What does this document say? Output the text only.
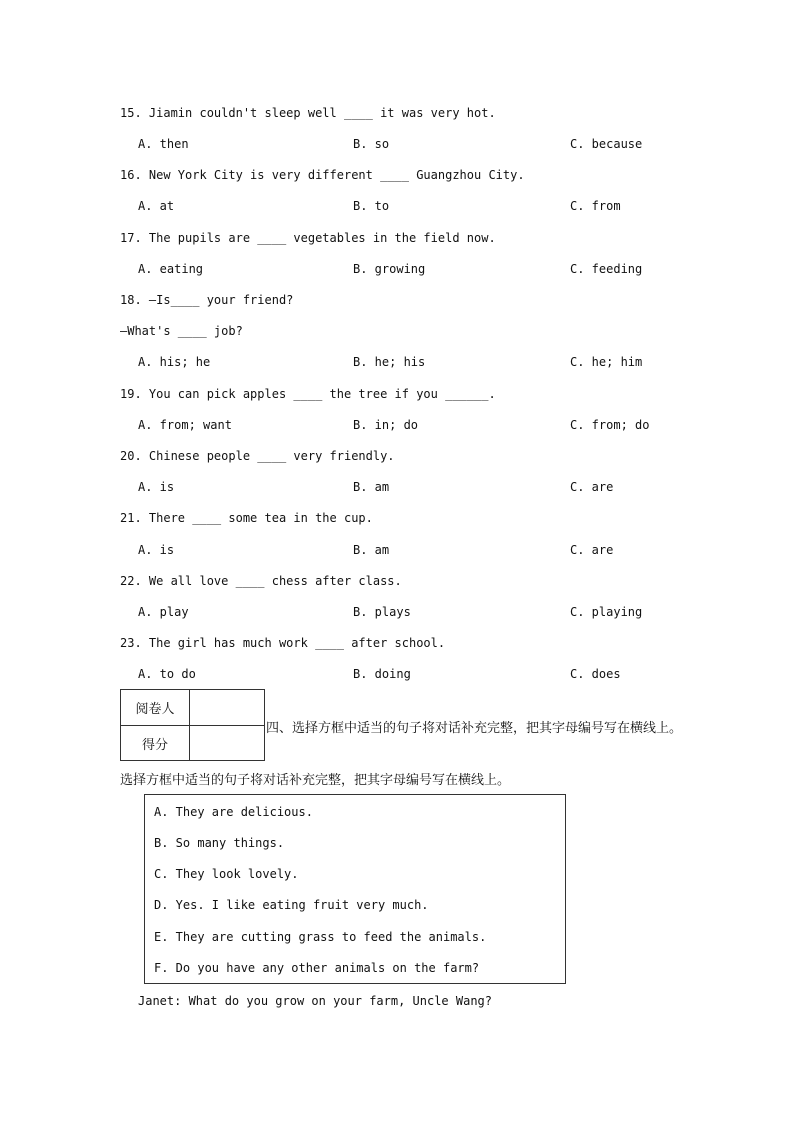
15. Jiamin couldn't sleep well ____ it was very hot.
A. then	B. so	C. because
16. New York City is very different ____ Guangzhou City.
A. at	B. to	C. from
17. The pupils are ____ vegetables in the field now.
A. eating	B. growing	C. feeding
18. —Is____ your friend?
—What's ____ job?
A. his; he	B. he; his	C. he; him
19. You can pick apples ____ the tree if you ______.
A. from; want	B. in; do	C. from; do
20. Chinese people ____ very friendly.
A. is	B. am	C. are
21. There ____ some tea in the cup.
A. is	B. am	C. are
22. We all love ____ chess after class.
A. play	B. plays	C. playing
23. The girl has much work ____ after school.
A. to do	B. doing	C. does
阅卷人
得分
四、选择方框中适当的句子将对话补充完整，把其字母编号写在横线上。
选择方框中适当的句子将对话补充完整，把其字母编号写在横线上。
A. They are delicious.
B. So many things.
C. They look lovely.
D. Yes. I like eating fruit very much.
E. They are cutting grass to feed the animals.
F. Do you have any other animals on the farm?
Janet: What do you grow on your farm, Uncle Wang?
